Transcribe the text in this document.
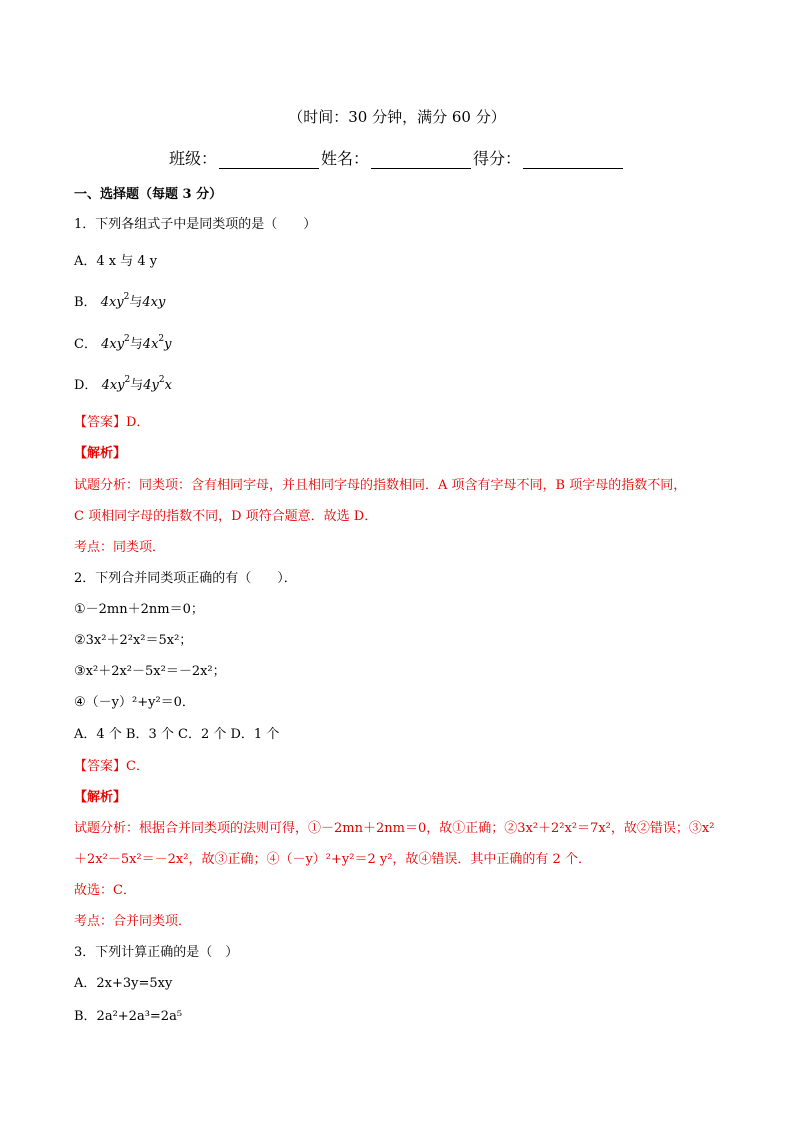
（时间：30 分钟，满分 60 分）
班级：	姓名：	得分：
一、选择题（每题 3 分）
1．下列各组式子中是同类项的是（　　）
A．4 x 与 4 y
B． $4xy^2$与4xy
C． $4xy^2$与$4x^2y$
D． $4xy^2$与$4y^2x$
【答案】D．
【解析】
试题分析：同类项：含有相同字母，并且相同字母的指数相同．A 项含有字母不同，B 项字母的指数不同，
C 项相同字母的指数不同，D 项符合题意．故选 D．
考点：同类项．
2．下列合并同类项正确的有（　　）．
①－2mn＋2nm＝0；
②3x²＋2²x²＝5x²；
③x²＋2x²－5x²＝－2x²；
④（－y）²+y²＝0．
A．4 个 B．3 个 C．2 个 D．1 个
【答案】C．
【解析】
试题分析：根据合并同类项的法则可得，①－2mn＋2nm＝0，故①正确；②3x²＋2²x²＝7x²，故②错误；③x²
＋2x²－5x²＝－2x²，故③正确；④（－y）²+y²＝2 y²，故④错误．其中正确的有 2 个．
故选：C．
考点：合并同类项．
3．下列计算正确的是（　）
A．2x+3y=5xy
B．2a²+2a³=2a⁵
